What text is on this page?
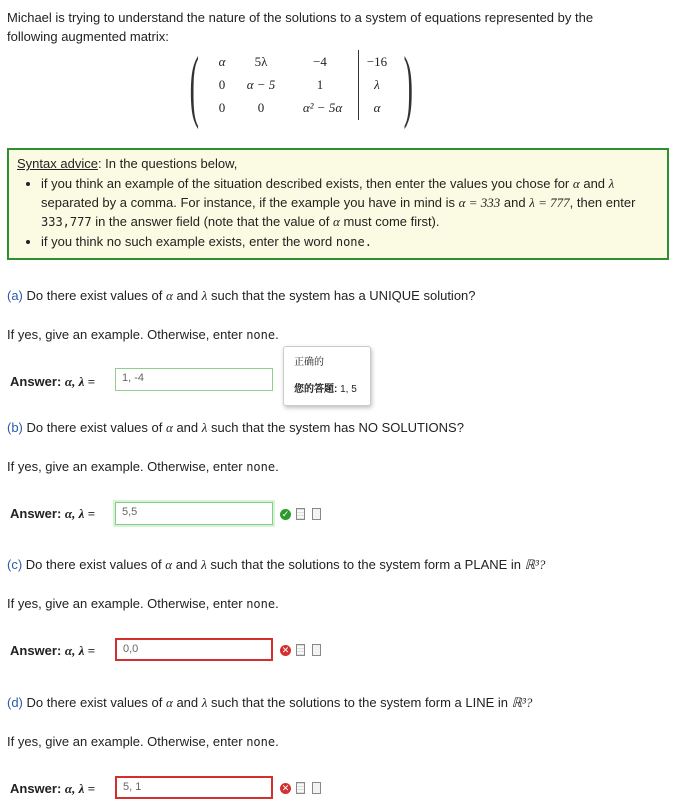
Michael is trying to understand the nature of the solutions to a system of equations represented by the following augmented matrix:
(	)
α	5λ	−4	−16
0	α − 5	1	λ
0	0	α² − 5α	α
Syntax advice: In the questions below,
• if you think an example of the situation described exists, then enter the values you chose for α and λ separated by a comma. For instance, if the example you have in mind is α = 333 and λ = 777, then enter 333,777 in the answer field (note that the value of α must come first).
• if you think no such example exists, enter the word none.
(a) Do there exist values of α and λ such that the system has a UNIQUE solution?
If yes, give an example. Otherwise, enter none.
Answer: α, λ =	1, -4
正确的
您的答题: 1, 5
(b) Do there exist values of α and λ such that the system has NO SOLUTIONS?
If yes, give an example. Otherwise, enter none.
Answer: α, λ =	5,5	✓
(c) Do there exist values of α and λ such that the solutions to the system form a PLANE in ℝ³?
If yes, give an example. Otherwise, enter none.
Answer: α, λ =	0,0	✕
(d) Do there exist values of α and λ such that the solutions to the system form a LINE in ℝ³?
If yes, give an example. Otherwise, enter none.
Answer: α, λ =	5, 1	✕
